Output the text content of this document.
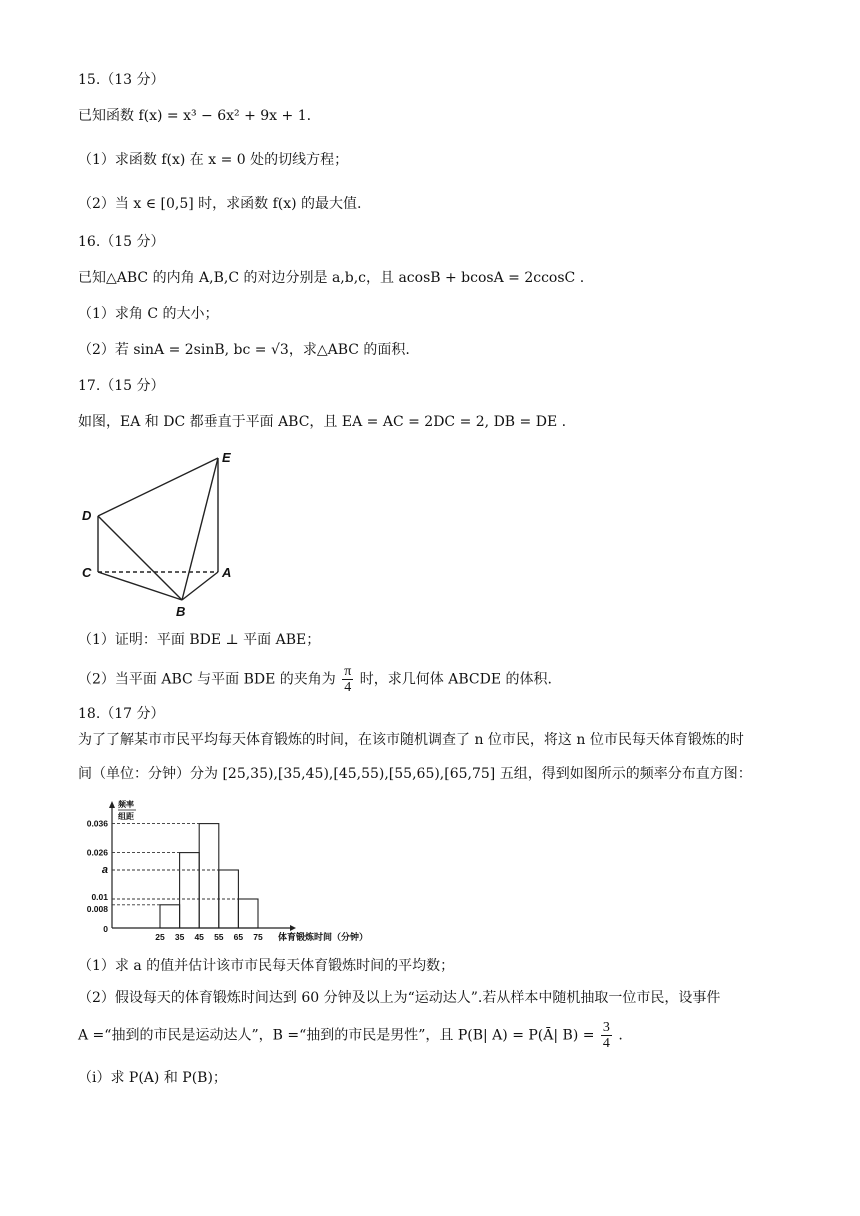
15.（13 分）
已知函数 f(x) = x³ − 6x² + 9x + 1.
（1）求函数 f(x) 在 x = 0 处的切线方程；
（2）当 x ∈ [0,5] 时，求函数 f(x) 的最大值.
16.（15 分）
已知△ABC 的内角 A,B,C 的对边分别是 a,b,c，且 acosB + bcosA = 2ccosC .
（1）求角 C 的大小；
（2）若 sinA = 2sinB, bc = √3，求△ABC 的面积.
17.（15 分）
如图，EA 和 DC 都垂直于平面 ABC，且 EA = AC = 2DC = 2, DB = DE .
D
E
C	A
B
（1）证明：平面 BDE ⊥ 平面 ABE；
（2）当平面 ABC 与平面 BDE 的夹角为 $\frac{\pi}{4}$ 时，求几何体 ABCDE 的体积.
18.（17 分）
为了了解某市市民平均每天体育锻炼的时间，在该市随机调查了 n 位市民，将这 n 位市民每天体育锻炼的时
间（单位：分钟）分为 [25,35),[35,45),[45,55),[55,65),[65,75] 五组，得到如图所示的频率分布直方图：
0.036
0.026
a
0.01
0.008
0
25 35 45 55 65 75
频率
组距
体育锻炼时间（分钟）
（1）求 a 的值并估计该市市民每天体育锻炼时间的平均数；
（2）假设每天的体育锻炼时间达到 60 分钟及以上为“运动达人”.若从样本中随机抽取一位市民，设事件
A =“抽到的市民是运动达人”，B =“抽到的市民是男性”，且 P(B| A) = P(Ā| $B) = \frac{3}{4}$ .
（i）求 P(A) 和 P(B)；
